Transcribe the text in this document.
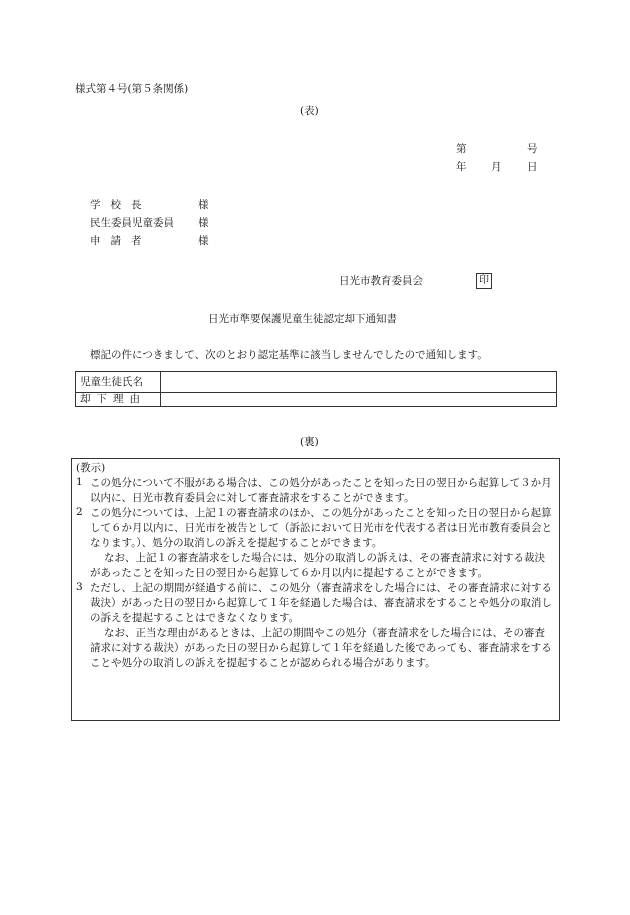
様式第４号(第５条関係)
(表)
第	号
年 月 日
学校長	様
民生委員児童委員 様
申請者	様
日光市教育委員会	印
日光市準要保護児童生徒認定却下通知書
標記の件につきまして、次のとおり認定基準に該当しませんでしたので通知します。
児童生徒氏名	
却下理由	
(裏)

(教示)

1 この処分について不服がある場合は、この処分があったことを知った日の翌日から起算して３か月以内に、日光市教育委員会に対して審査請求をすることができます。

2 この処分については、上記１の審査請求のほか、この処分があったことを知った日の翌日から起算して６か月以内に、日光市を被告として（訴訟において日光市を代表する者は日光市教育委員会となります。）、処分の取消しの訴えを提起することができます。

なお、上記１の審査請求をした場合には、処分の取消しの訴えは、その審査請求に対する裁決があったことを知った日の翌日から起算して６か月以内に提起することができます。

3 ただし、上記の期間が経過する前に、この処分（審査請求をした場合には、その審査請求に対する裁決）があった日の翌日から起算して１年を経過した場合は、審査請求をすることや処分の取消しの訴えを提起することはできなくなります。

なお、正当な理由があるときは、上記の期間やこの処分（審査請求をした場合には、その審査請求に対する裁決）があった日の翌日から起算して１年を経過した後であっても、審査請求をすることや処分の取消しの訴えを提起することが認められる場合があります。
